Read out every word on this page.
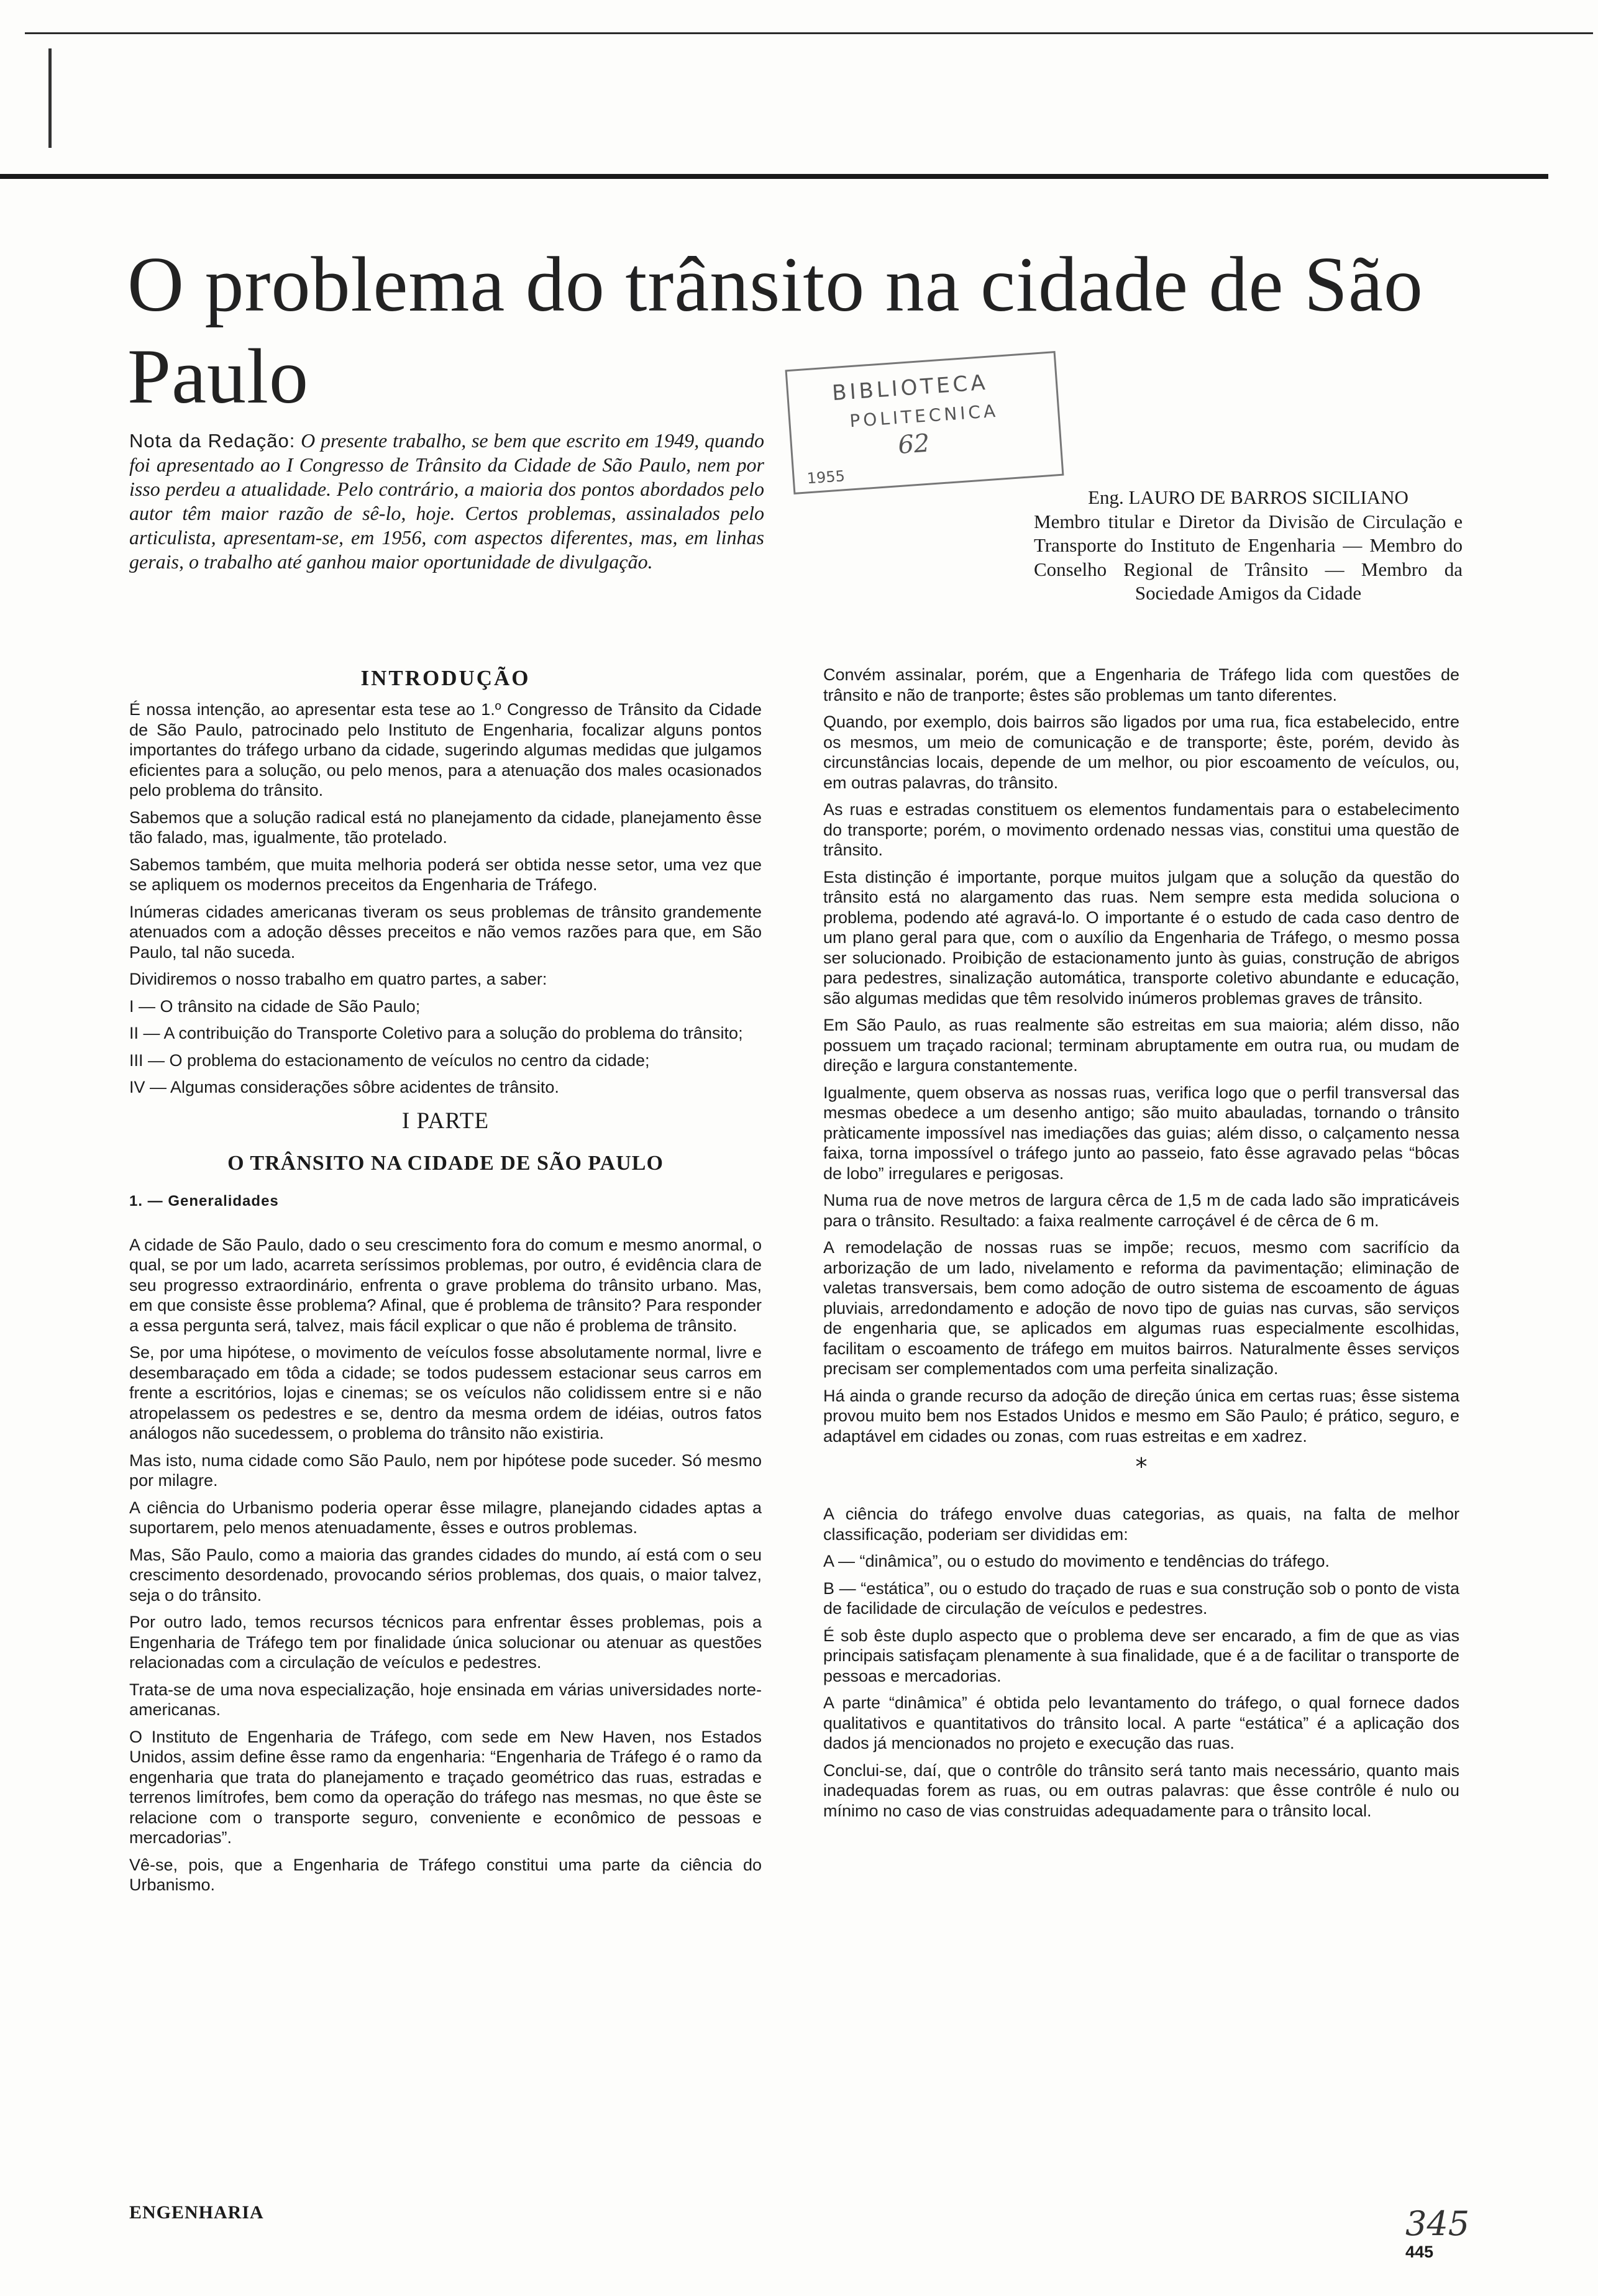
O problema do trânsito na cidade de São Paulo	BIBLIOTECA
POLITECNICA
62
1955

Nota da Redação: O presente trabalho, se bem que escrito em 1949, quando foi apresentado ao I Congresso de Trânsito da Cidade de São Paulo, nem por isso perdeu a atualidade. Pelo contrário, a maioria dos pontos abordados pelo autor têm maior razão de sê-lo, hoje. Certos problemas, assinalados pelo articulista, apresentam-se, em 1956, com aspectos diferentes, mas, em linhas gerais, o trabalho até ganhou maior oportunidade de divulgação.

Eng. LAURO DE BARROS SICILIANO
Membro titular e Diretor da Divisão de Circulação e Transporte do Instituto de Engenharia — Membro do Conselho Regional de Trânsito — Membro da Sociedade Amigos da Cidade

INTRODUÇÃO

É nossa intenção, ao apresentar esta tese ao 1.º Congresso de Trânsito da Cidade de São Paulo, patrocinado pelo Instituto de Engenharia, focalizar alguns pontos importantes do tráfego urbano da cidade, sugerindo algumas medidas que julgamos eficientes para a solução, ou pelo menos, para a atenuação dos males ocasionados pelo problema do trânsito.

Sabemos que a solução radical está no planejamento da cidade, planejamento êsse tão falado, mas, igualmente, tão protelado.

Sabemos também, que muita melhoria poderá ser obtida nesse setor, uma vez que se apliquem os modernos preceitos da Engenharia de Tráfego.

Inúmeras cidades americanas tiveram os seus problemas de trânsito grandemente atenuados com a adoção dêsses preceitos e não vemos razões para que, em São Paulo, tal não suceda.

Dividiremos o nosso trabalho em quatro partes, a saber:

I — O trânsito na cidade de São Paulo;

II — A contribuição do Transporte Coletivo para a solução do problema do trânsito;

III — O problema do estacionamento de veículos no centro da cidade;

IV — Algumas considerações sôbre acidentes de trânsito.

I PARTE
O TRÂNSITO NA CIDADE DE SÃO PAULO
1. — Generalidades

A cidade de São Paulo, dado o seu crescimento fora do comum e mesmo anormal, o qual, se por um lado, acarreta seríssimos problemas, por outro, é evidência clara de seu progresso extraordinário, enfrenta o grave problema do trânsito urbano. Mas, em que consiste êsse problema? Afinal, que é problema de trânsito? Para responder a essa pergunta será, talvez, mais fácil explicar o que não é problema de trânsito.

Se, por uma hipótese, o movimento de veículos fosse absolutamente normal, livre e desembaraçado em tôda a cidade; se todos pudessem estacionar seus carros em frente a escritórios, lojas e cinemas; se os veículos não colidissem entre si e não atropelassem os pedestres e se, dentro da mesma ordem de idéias, outros fatos análogos não sucedessem, o problema do trânsito não existiria.

Mas isto, numa cidade como São Paulo, nem por hipótese pode suceder. Só mesmo por milagre.

A ciência do Urbanismo poderia operar êsse milagre, planejando cidades aptas a suportarem, pelo menos atenuadamente, êsses e outros problemas.

Mas, São Paulo, como a maioria das grandes cidades do mundo, aí está com o seu crescimento desordenado, provocando sérios problemas, dos quais, o maior talvez, seja o do trânsito.

Por outro lado, temos recursos técnicos para enfrentar êsses problemas, pois a Engenharia de Tráfego tem por finalidade única solucionar ou atenuar as questões relacionadas com a circulação de veículos e pedestres.

Trata-se de uma nova especialização, hoje ensinada em várias universidades norte-americanas.

O Instituto de Engenharia de Tráfego, com sede em New Haven, nos Estados Unidos, assim define êsse ramo da engenharia: “Engenharia de Tráfego é o ramo da engenharia que trata do planejamento e traçado geométrico das ruas, estradas e terrenos limítrofes, bem como da operação do tráfego nas mesmas, no que êste se relacione com o transporte seguro, conveniente e econômico de pessoas e mercadorias”.

Vê-se, pois, que a Engenharia de Tráfego constitui uma parte da ciência do Urbanismo.

Convém assinalar, porém, que a Engenharia de Tráfego lida com questões de trânsito e não de tranporte; êstes são problemas um tanto diferentes.

Quando, por exemplo, dois bairros são ligados por uma rua, fica estabelecido, entre os mesmos, um meio de comunicação e de transporte; êste, porém, devido às circunstâncias locais, depende de um melhor, ou pior escoamento de veículos, ou, em outras palavras, do trânsito.

As ruas e estradas constituem os elementos fundamentais para o estabelecimento do transporte; porém, o movimento ordenado nessas vias, constitui uma questão de trânsito.

Esta distinção é importante, porque muitos julgam que a solução da questão do trânsito está no alargamento das ruas. Nem sempre esta medida soluciona o problema, podendo até agravá-lo. O importante é o estudo de cada caso dentro de um plano geral para que, com o auxílio da Engenharia de Tráfego, o mesmo possa ser solucionado. Proibição de estacionamento junto às guias, construção de abrigos para pedestres, sinalização automática, transporte coletivo abundante e educação, são algumas medidas que têm resolvido inúmeros problemas graves de trânsito.

Em São Paulo, as ruas realmente são estreitas em sua maioria; além disso, não possuem um traçado racional; terminam abruptamente em outra rua, ou mudam de direção e largura constantemente.

Igualmente, quem observa as nossas ruas, verifica logo que o perfil transversal das mesmas obedece a um desenho antigo; são muito abauladas, tornando o trânsito pràticamente impossível nas imediações das guias; além disso, o calçamento nessa faixa, torna impossível o tráfego junto ao passeio, fato êsse agravado pelas “bôcas de lobo” irregulares e perigosas.

Numa rua de nove metros de largura cêrca de 1,5 m de cada lado são impraticáveis para o trânsito. Resultado: a faixa realmente carroçável é de cêrca de 6 m.

A remodelação de nossas ruas se impõe; recuos, mesmo com sacrifício da arborização de um lado, nivelamento e reforma da pavimentação; eliminação de valetas transversais, bem como adoção de outro sistema de escoamento de águas pluviais, arredondamento e adoção de novo tipo de guias nas curvas, são serviços de engenharia que, se aplicados em algumas ruas especialmente escolhidas, facilitam o escoamento de tráfego em muitos bairros. Naturalmente êsses serviços precisam ser complementados com uma perfeita sinalização.

Há ainda o grande recurso da adoção de direção única em certas ruas; êsse sistema provou muito bem nos Estados Unidos e mesmo em São Paulo; é prático, seguro, e adaptável em cidades ou zonas, com ruas estreitas e em xadrez.

*

A ciência do tráfego envolve duas categorias, as quais, na falta de melhor classificação, poderiam ser divididas em:

A — “dinâmica”, ou o estudo do movimento e tendências do tráfego.

B — “estática”, ou o estudo do traçado de ruas e sua construção sob o ponto de vista de facilidade de circulação de veículos e pedestres.

É sob êste duplo aspecto que o problema deve ser encarado, a fim de que as vias principais satisfaçam plenamente à sua finalidade, que é a de facilitar o transporte de pessoas e mercadorias.

A parte “dinâmica” é obtida pelo levantamento do tráfego, o qual fornece dados qualitativos e quantitativos do trânsito local. A parte “estática” é a aplicação dos dados já mencionados no projeto e execução das ruas.

Conclui-se, daí, que o contrôle do trânsito será tanto mais necessário, quanto mais inadequadas forem as ruas, ou em outras palavras: que êsse contrôle é nulo ou mínimo no caso de vias construidas adequadamente para o trânsito local.

ENGENHARIA	345
445
